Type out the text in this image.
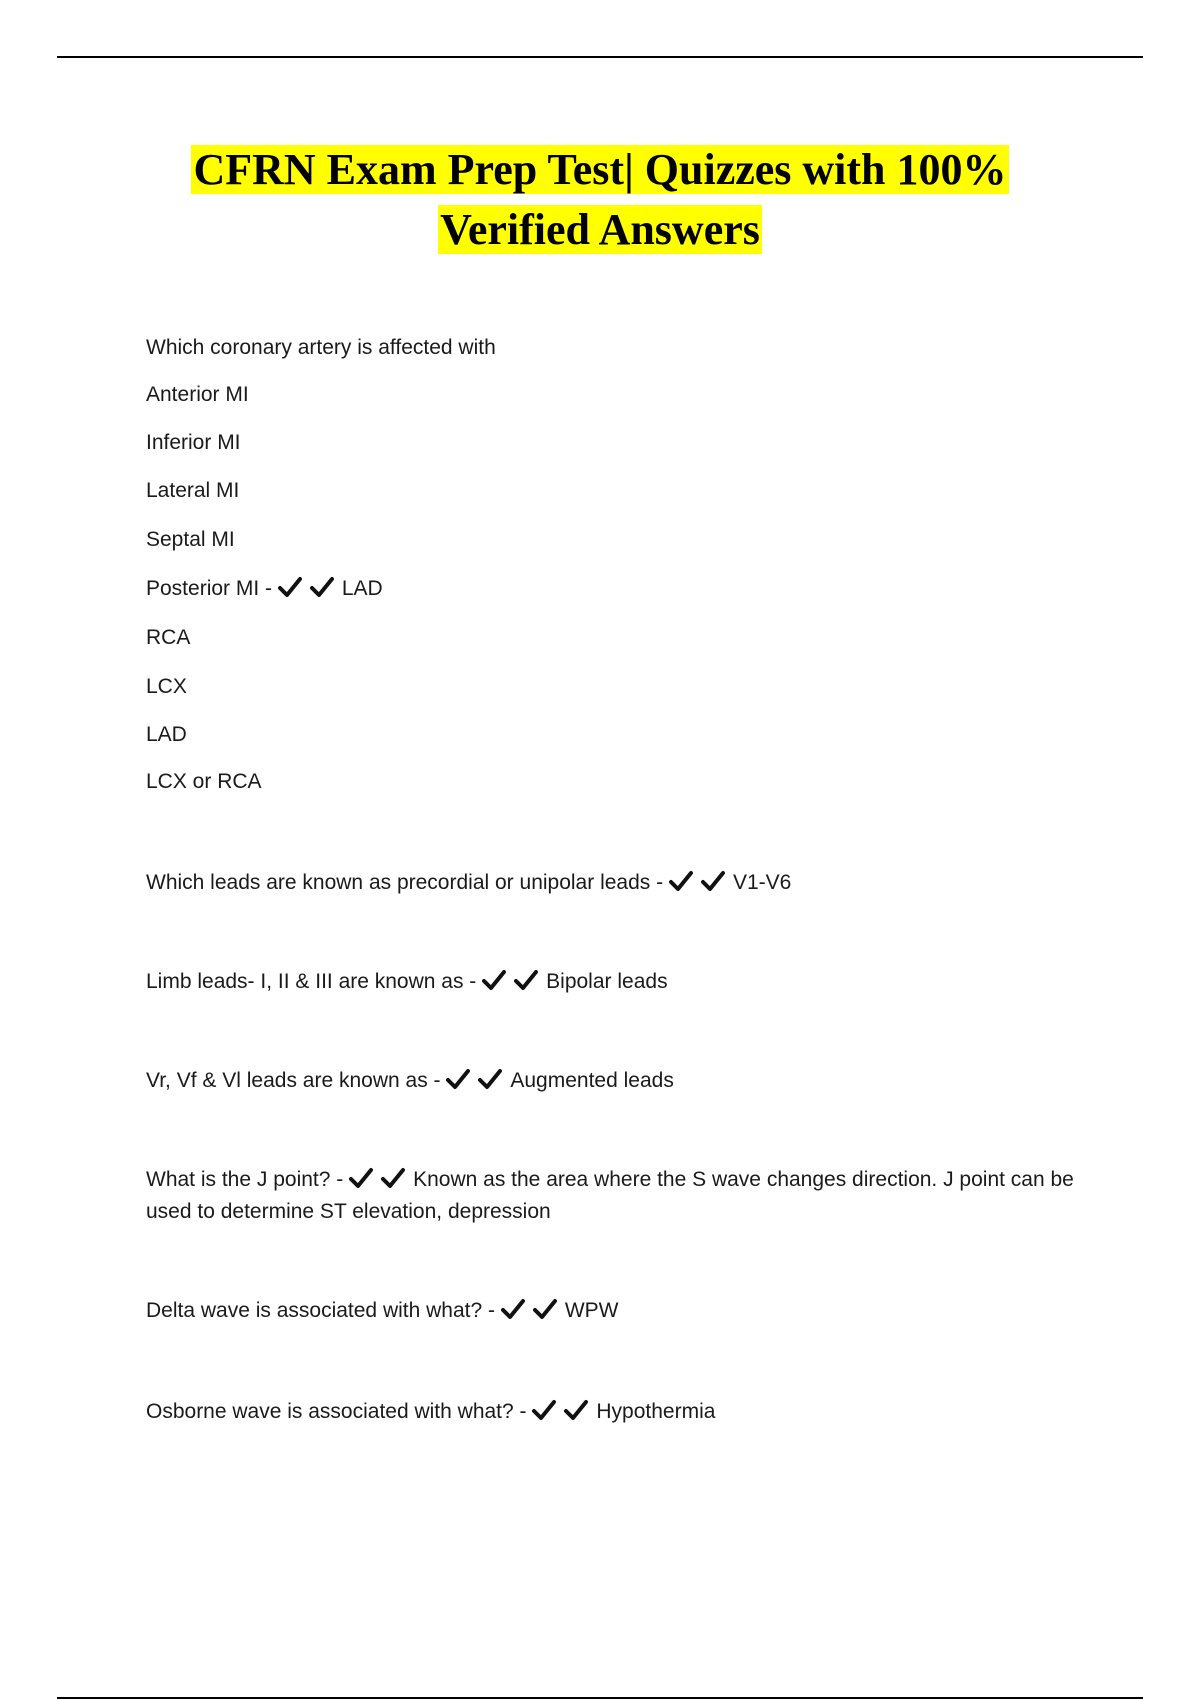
CFRN Exam Prep Test| Quizzes with 100%
Verified Answers
Which coronary artery is affected with
Anterior MI
Inferior MI
Lateral MI
Septal MI
Posterior MI -	LAD
RCA
LCX
LAD
LCX or RCA
Which leads are known as precordial or unipolar leads -	V1-V6
Limb leads- I, II & III are known as -	Bipolar leads
Vr, Vf & Vl leads are known as -	Augmented leads
What is the J point? -	Known as the area where the S wave changes direction. J point can be used to determine ST elevation, depression
Delta wave is associated with what? -	WPW
Osborne wave is associated with what? -	Hypothermia
